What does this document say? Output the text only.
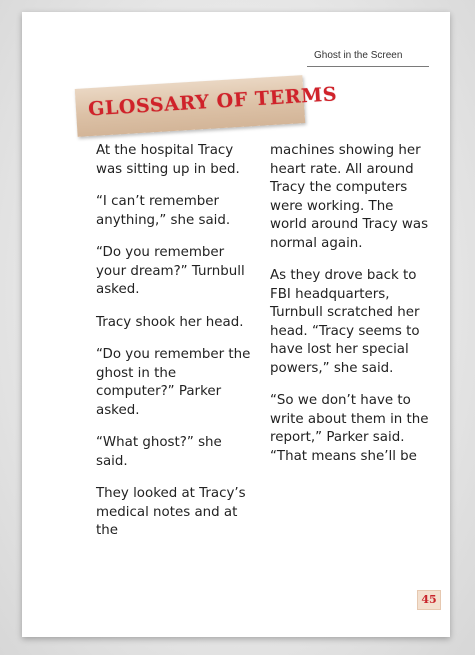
Ghost in the Screen
GLOSSARY OF TERMS

At the hospital Tracy was sitting up in bed.

“I can’t remember anything,” she said.

“Do you remember your dream?” Turnbull asked.

Tracy shook her head.

“Do you remember the ghost in the computer?” Parker asked.

“What ghost?” she said.

They looked at Tracy’s medical notes and at the

machines showing her heart rate. All around Tracy the computers were working. The world around Tracy was normal again.

As they drove back to FBI headquarters, Turnbull scratched her head. “Tracy seems to have lost her special powers,” she said.

“So we don’t have to write about them in the report,” Parker said. “That means she’ll be

45
